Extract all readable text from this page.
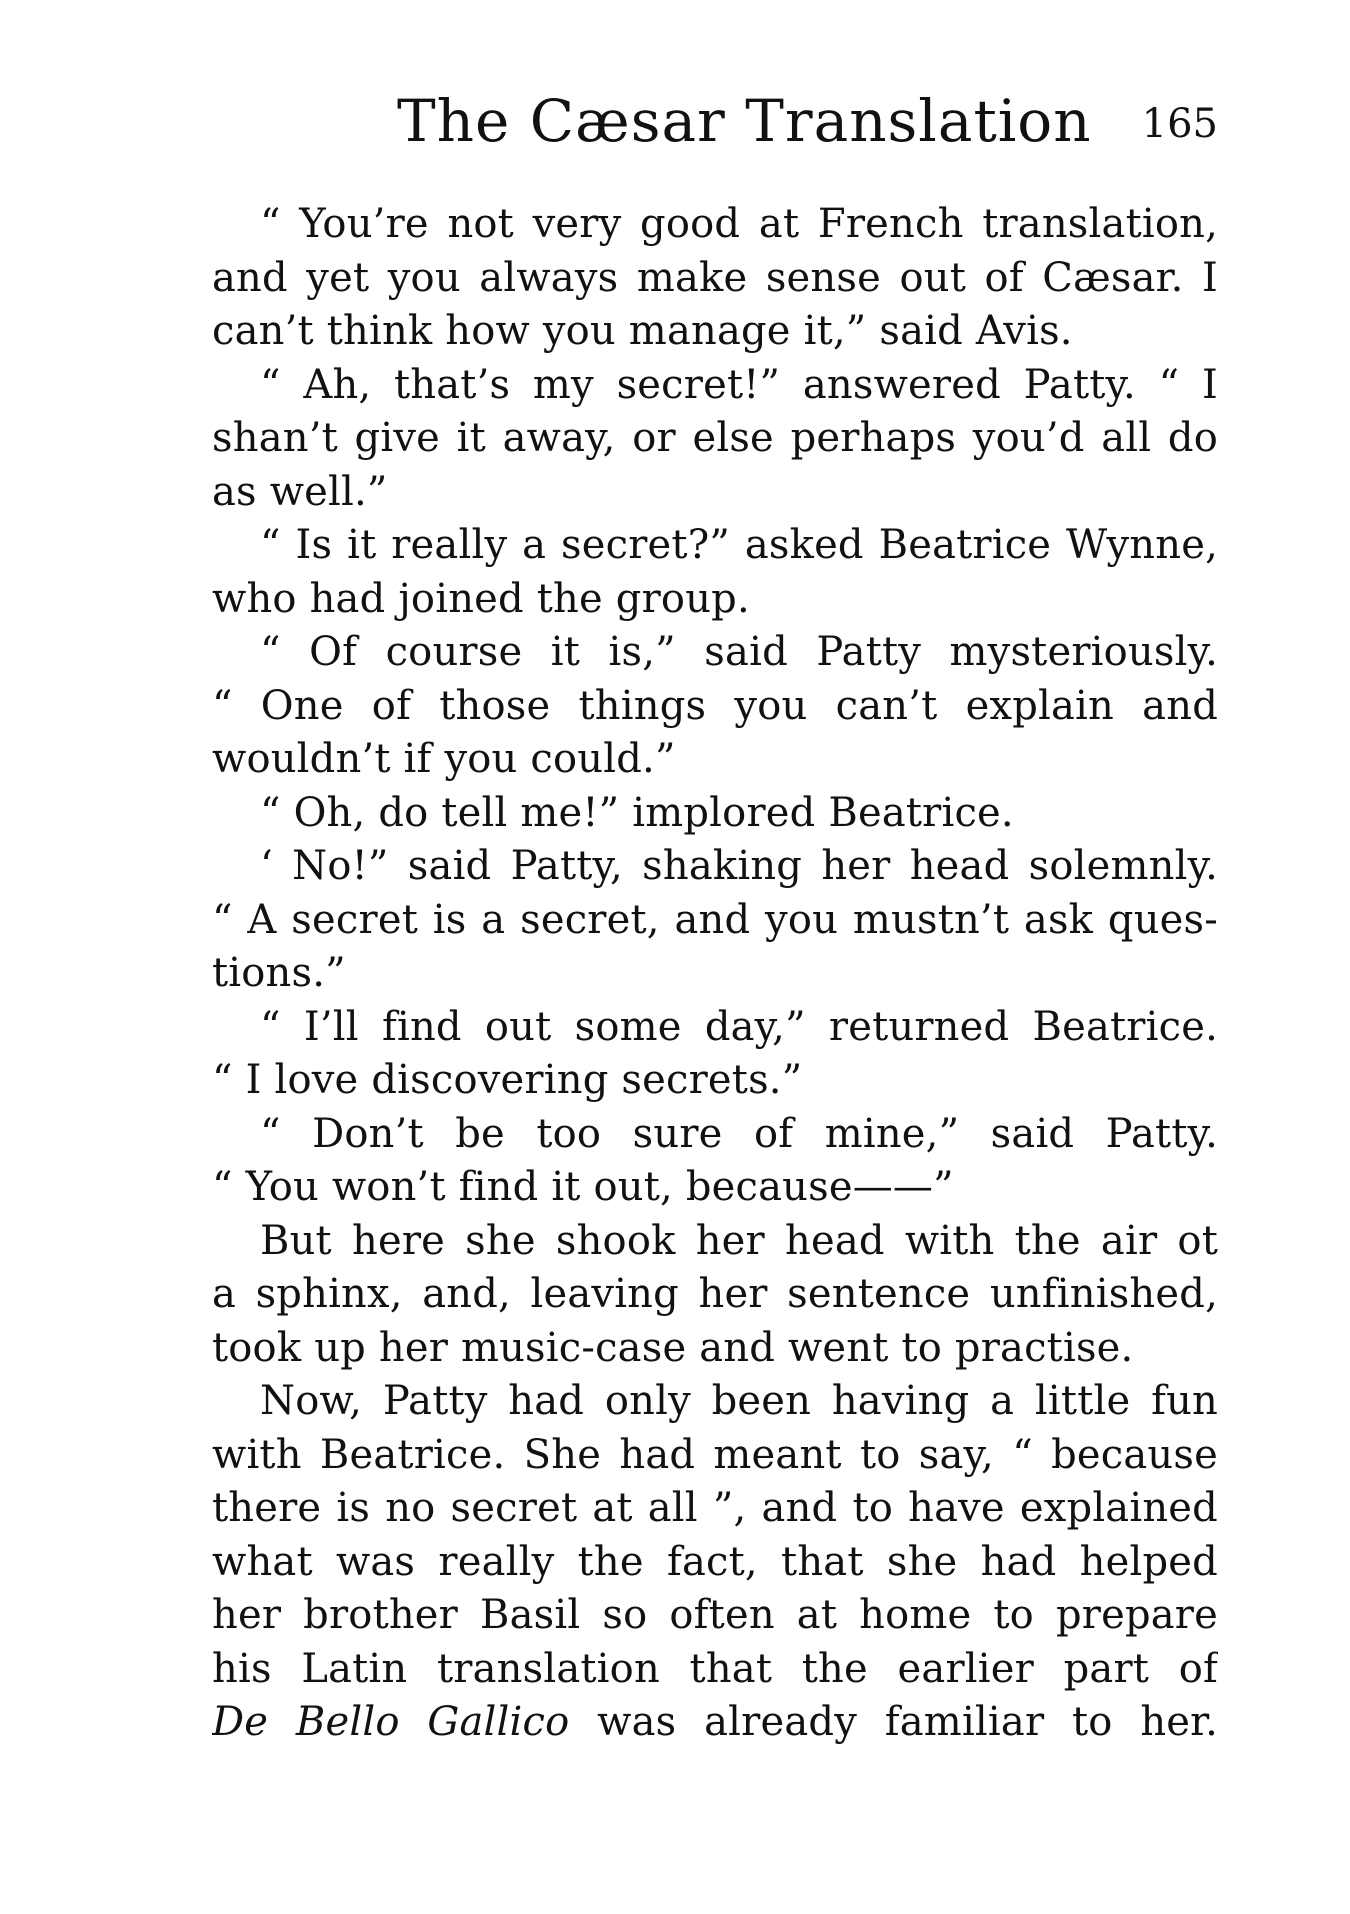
The Cæsar Translation 165
“ You’re not very good at French translation,
and yet you always make sense out of Cæsar. I
can’t think how you manage it,” said Avis.
“ Ah, that’s my secret!” answered Patty. “ I
shan’t give it away, or else perhaps you’d all do
as well.”
“ Is it really a secret?” asked Beatrice Wynne,
who had joined the group.
“ Of course it is,” said Patty mysteriously.
“ One of those things you can’t explain and
wouldn’t if you could.”
“ Oh, do tell me!” implored Beatrice.
‘ No!” said Patty, shaking her head solemnly.
“ A secret is a secret, and you mustn’t ask ques-
tions.”
“ I’ll find out some day,” returned Beatrice.
“ I love discovering secrets.”
“ Don’t be too sure of mine,” said Patty.
“ You won’t find it out, because——”
But here she shook her head with the air ot
a sphinx, and, leaving her sentence unfinished,
took up her music-case and went to practise.
Now, Patty had only been having a little fun
with Beatrice. She had meant to say, “ because
there is no secret at all ”, and to have explained
what was really the fact, that she had helped
her brother Basil so often at home to prepare
his Latin translation that the earlier part of
De Bello Gallico was already familiar to her.
